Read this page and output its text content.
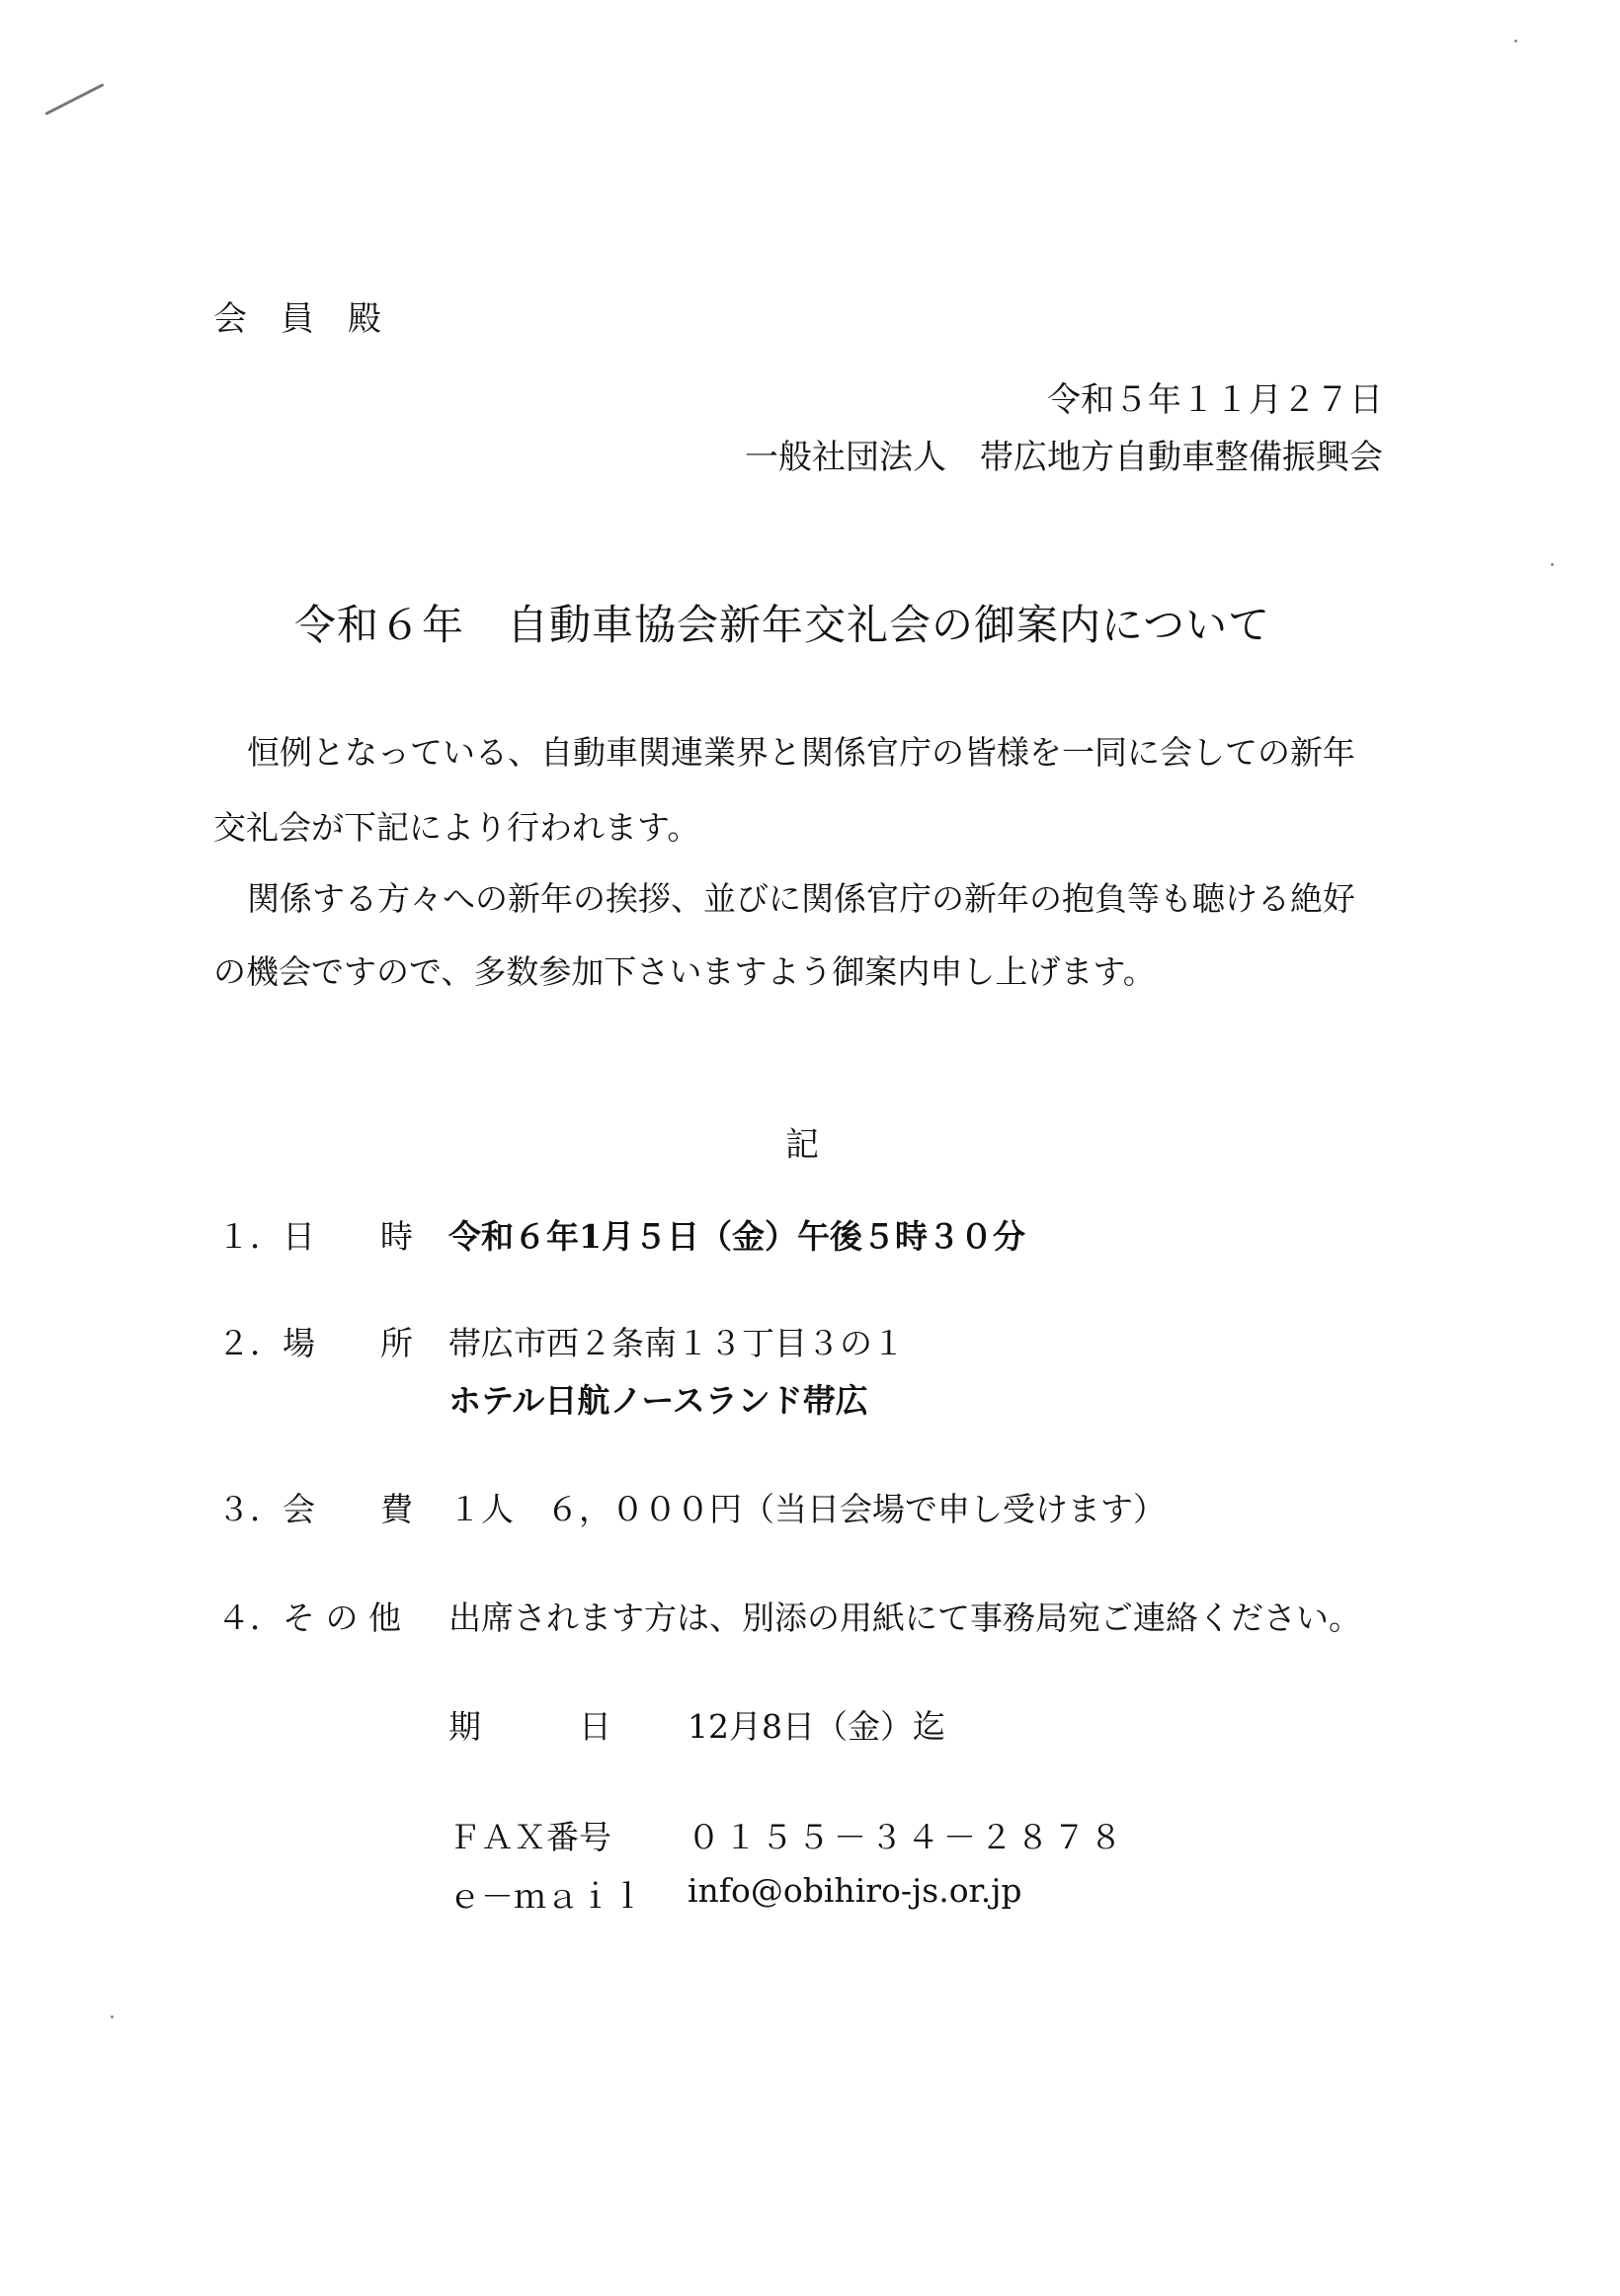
会　員　殿
令和５年１１月２７日
一般社団法人　帯広地方自動車整備振興会
令和６年　自動車協会新年交礼会の御案内について
恒例となっている、自動車関連業界と関係官庁の皆様を一同に会しての新年
交礼会が下記により行われます。
関係する方々への新年の挨拶、並びに関係官庁の新年の抱負等も聴ける絶好
の機会ですので、多数参加下さいますよう御案内申し上げます。
記
１．日　　時 令和６年1月５日（金）午後５時３０分
２．場　　所 帯広市西２条南１３丁目３の１
ホテル日航ノースランド帯広
３．会　　費 １人　６，０００円（当日会場で申し受けます）
４．そ の 他 出席されます方は、別添の用紙にて事務局宛ご連絡ください。
期　　　日 12月8日（金）迄
ＦＡＸ番号 ０１５５－３４－２８７８
ｅ－ｍａｉｌ info@obihiro-js.or.jp
